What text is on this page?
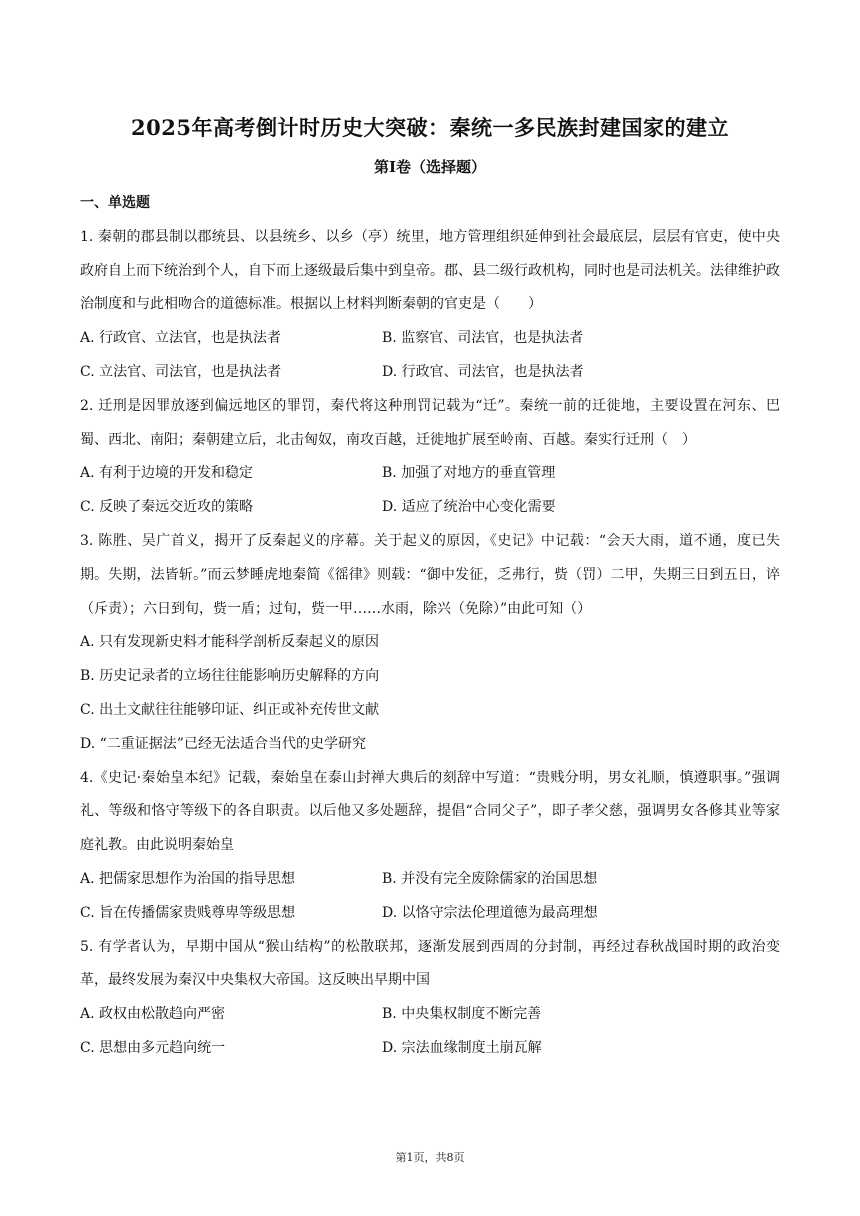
2025年高考倒计时历史大突破：秦统一多民族封建国家的建立
第Ⅰ卷（选择题）
一、单选题
1. 秦朝的郡县制以郡统县、以县统乡、以乡（亭）统里，地方管理组织延伸到社会最底层，层层有官吏，使中央政府自上而下统治到个人，自下而上逐级最后集中到皇帝。郡、县二级行政机构，同时也是司法机关。法律维护政治制度和与此相吻合的道德标准。根据以上材料判断秦朝的官吏是（　　）
A. 行政官、立法官，也是执法者	B. 监察官、司法官，也是执法者
C. 立法官、司法官，也是执法者	D. 行政官、司法官，也是执法者
2. 迁刑是因罪放逐到偏远地区的罪罚，秦代将这种刑罚记载为“迁”。秦统一前的迁徙地，主要设置在河东、巴蜀、西北、南阳；秦朝建立后，北击匈奴，南攻百越，迁徙地扩展至岭南、百越。秦实行迁刑（　）
A. 有利于边境的开发和稳定	B. 加强了对地方的垂直管理
C. 反映了秦远交近攻的策略	D. 适应了统治中心变化需要
3. 陈胜、吴广首义，揭开了反秦起义的序幕。关于起义的原因，《史记》中记载：“会天大雨，道不通，度已失期。失期，法皆斩。”而云梦睡虎地秦简《徭律》则载：“御中发征，乏弗行，赀（罚）二甲，失期三日到五日，谇（斥责）；六日到旬，赀一盾；过旬，赀一甲……水雨，除兴（免除）”由此可知（）
A. 只有发现新史料才能科学剖析反秦起义的原因
B. 历史记录者的立场往往能影响历史解释的方向
C. 出土文献往往能够印证、纠正或补充传世文献
D. “二重证据法”已经无法适合当代的史学研究
4.《史记·秦始皇本纪》记载，秦始皇在泰山封禅大典后的刻辞中写道：“贵贱分明，男女礼顺，慎遵职事。”强调礼、等级和恪守等级下的各自职责。以后他又多处题辞，提倡“合同父子”，即子孝父慈，强调男女各修其业等家庭礼教。由此说明秦始皇
A. 把儒家思想作为治国的指导思想	B. 并没有完全废除儒家的治国思想
C. 旨在传播儒家贵贱尊卑等级思想	D. 以恪守宗法伦理道德为最高理想
5. 有学者认为，早期中国从“猴山结构”的松散联邦，逐渐发展到西周的分封制，再经过春秋战国时期的政治变革，最终发展为秦汉中央集权大帝国。这反映出早期中国
A. 政权由松散趋向严密	B. 中央集权制度不断完善
C. 思想由多元趋向统一	D. 宗法血缘制度土崩瓦解
第1页，共8页
